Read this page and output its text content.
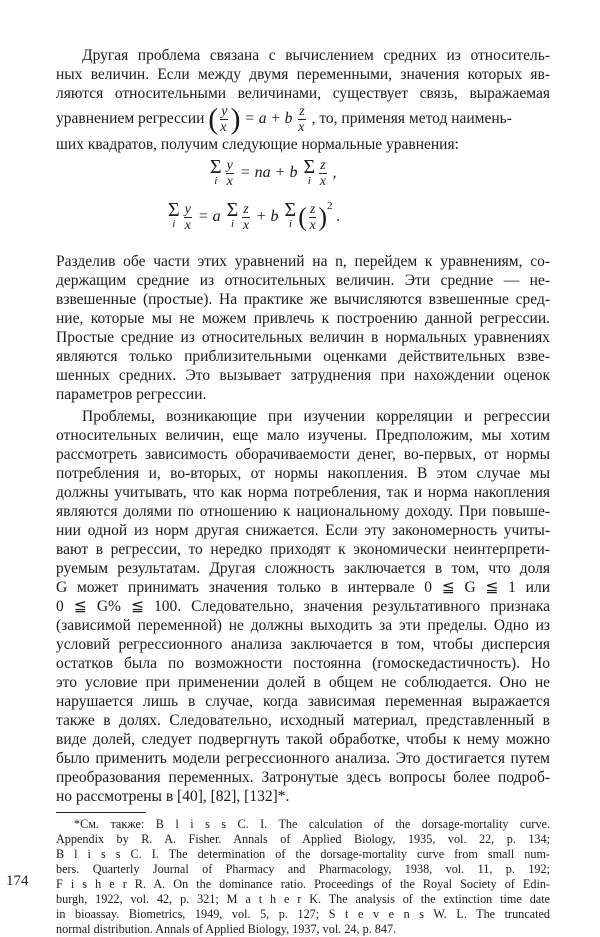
Другая проблема связана с вычислением средних из относитель-
ных величин. Если между двумя переменными, значения которых яв-
ляются относительными величинами, существует связь, выражаемая
уравнением регрессии ( $\frac{y}{x}$ ) = a + b $\frac{z}{x}$ , то, применяя метод наимень-
ших квадратов, получим следующие нормальные уравнения:
Σ
i $\frac{y}{x}$ = na + b Σ
i $\frac{z}{x}$ ,
Σ
i $\frac{y}{x} = a$ Σ
i $\frac{z}{x} + b$ Σ
i ( $\frac{z}{x} )^2$ .
Разделив обе части этих уравнений на n, перейдем к уравнениям, со-
держащим средние из относительных величин. Эти средние — не-
взвешенные (простые). На практике же вычисляются взвешенные сред-
ние, которые мы не можем привлечь к построению данной регрессии.
Простые средние из относительных величин в нормальных уравнениях
являются только приблизительными оценками действительных взве-
шенных средних. Это вызывает затруднения при нахождении оценок
параметров регрессии.
Проблемы, возникающие при изучении корреляции и регрессии
относительных величин, еще мало изучены. Предположим, мы хотим
рассмотреть зависимость оборачиваемости денег, во-первых, от нормы
потребления и, во-вторых, от нормы накопления. В этом случае мы
должны учитывать, что как норма потребления, так и норма накопления
являются долями по отношению к национальному доходу. При повыше-
нии одной из норм другая снижается. Если эту закономерность учиты-
вают в регрессии, то нередко приходят к экономически неинтерпрети-
руемым результатам. Другая сложность заключается в том, что доля
G может принимать значения только в интервале 0 ≦ G ≦ 1 или
0 ≦ G% ≦ 100. Следовательно, значения результативного признака
(зависимой переменной) не должны выходить за эти пределы. Одно из
условий регрессионного анализа заключается в том, чтобы дисперсия
остатков была по возможности постоянна (гомоскедастичность). Но
это условие при применении долей в общем не соблюдается. Оно не
нарушается лишь в случае, когда зависимая переменная выражается
также в долях. Следовательно, исходный материал, представленный в
виде долей, следует подвергнуть такой обработке, чтобы к нему можно
было применить модели регрессионного анализа. Это достигается путем
преобразования переменных. Затронутые здесь вопросы более подроб-
но рассмотрены в [40], [82], [132]*.
*См. также: B l i s s C. I. The calculation of the dorsage-mortality curve.
Appendix by R. A. Fisher. Annals of Applied Biology, 1935, vol. 22, p. 134;
B l i s s C. I. The determination of the dorsage-mortality curve from small num-
bers. Quarterly Journal of Pharmacy and Pharmacology, 1938, vol. 11, p. 192;
F i s h e r R. A. On the dominance ratio. Proceedings of the Royal Society of Edin-
burgh, 1922, vol. 42, p. 321; M a t h e r K. The analysis of the extinction time date
in bioassay. Biometrics, 1949, vol. 5, p. 127; S t e v e n s W. L. The truncated
normal distribution. Annals of Applied Biology, 1937, vol. 24, p. 847.
174
